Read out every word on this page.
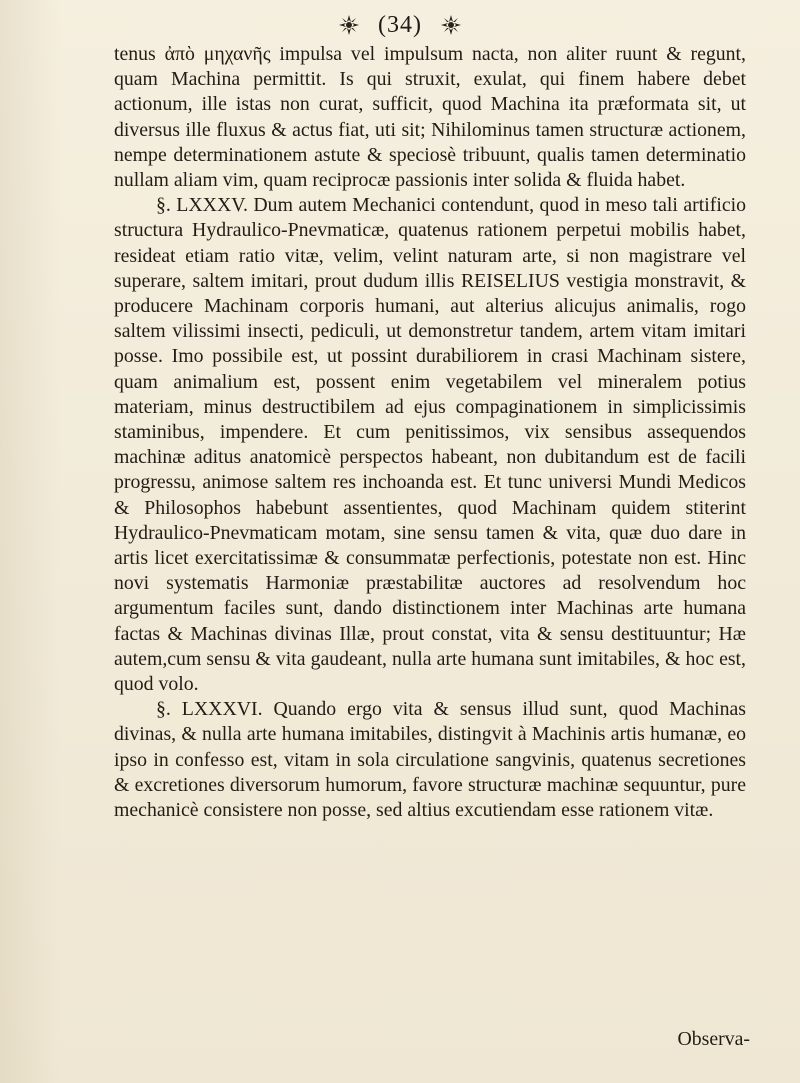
(34)

tenus ἀπὸ μηχανῆς impulsa vel impulsum nacta, non aliter ruunt & regunt, quam Machina permittit. Is qui struxit, exulat, qui finem habere debet actionum, ille istas non curat, sufficit, quod Machina ita præformata sit, ut diversus ille fluxus & actus fiat, uti sit; Nihilominus tamen structuræ actionem, nempe determinationem astute & speciosè tribuunt, qualis tamen determinatio nullam aliam vim, quam reciprocæ passionis inter solida & fluida habet.

§. LXXXV. Dum autem Mechanici contendunt, quod in meso tali artificio structura Hydraulico-Pnevmaticæ, quatenus rationem perpetui mobilis habet, resideat etiam ratio vitæ, velim, velint naturam arte, si non magistrare vel superare, saltem imitari, prout dudum illis REISELIUS vestigia monstravit, & producere Machinam corporis humani, aut alterius alicujus animalis, rogo saltem vilissimi insecti, pediculi, ut demonstretur tandem, artem vitam imitari posse. Imo possibile est, ut possint durabiliorem in crasi Machinam sistere, quam animalium est, possent enim vegetabilem vel mineralem potius materiam, minus destructibilem ad ejus compaginationem in simplicissimis staminibus, impendere. Et cum penitissimos, vix sensibus assequendos machinæ aditus anatomicè perspectos habeant, non dubitandum est de facili progressu, animose saltem res inchoanda est. Et tunc universi Mundi Medicos & Philosophos habebunt assentientes, quod Machinam quidem stiterint Hydraulico-Pnevmaticam motam, sine sensu tamen & vita, quæ duo dare in artis licet exercitatissimæ & consummatæ perfectionis, potestate non est. Hinc novi systematis Harmoniæ præstabilitæ auctores ad resolvendum hoc argumentum faciles sunt, dando distinctionem inter Machinas arte humana factas & Machinas divinas Illæ, prout constat, vita & sensu destituuntur; Hæ autem,cum sensu & vita gaudeant, nulla arte humana sunt imitabiles, & hoc est, quod volo.

§. LXXXVI. Quando ergo vita & sensus illud sunt, quod Machinas divinas, & nulla arte humana imitabiles, distingvit à Machinis artis humanæ, eo ipso in confesso est, vitam in sola circulatione sangvinis, quatenus secretiones & excretiones diversorum humorum, favore structuræ machinæ sequuntur, pure mechanicè consistere non posse, sed altius excutiendam esse rationem vitæ.

Observa-
